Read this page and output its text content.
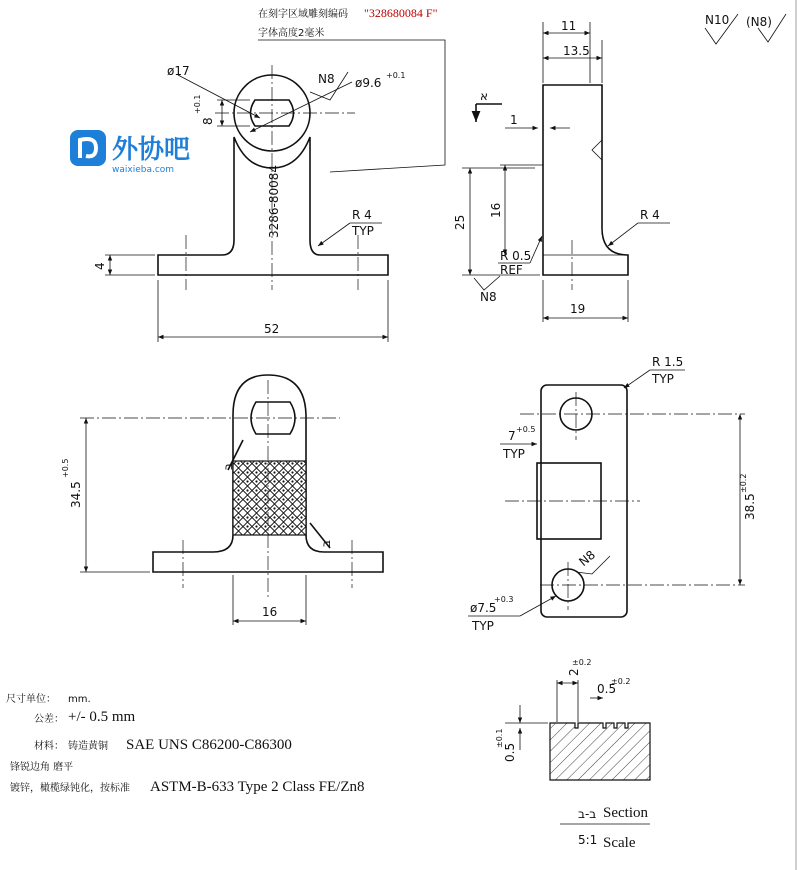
在刻字区域雕刻编码 "328680084 F"
字体高度2毫米
N10 (N8)
外协吧
waixieba.com
ø17
ø9.6
+0.1
N8
8
+0.1
3286-80084	R 4
TYP
4
52
11
13.5
א
1
16
25
R 0.5
REF
N8
R 4
19
34.5
+0.5	ב
ב
16
R 1.5
TYP
7 +0.5
TYP
38.5
±0.2
N8
ø7.5
+0.3
TYP
2
±0.2
0.5
±0.2
0.5
±0.1
ב-ב Section
5:1 Scale
尺寸单位： mm.
公差： +/- 0.5 mm
材料： 铸造黄铜 SAE UNS C86200-C86300
锋锐边角 磨平
镀锌，橄榄绿钝化，按标准 ASTM-B-633 Type 2 Class FE/Zn8
